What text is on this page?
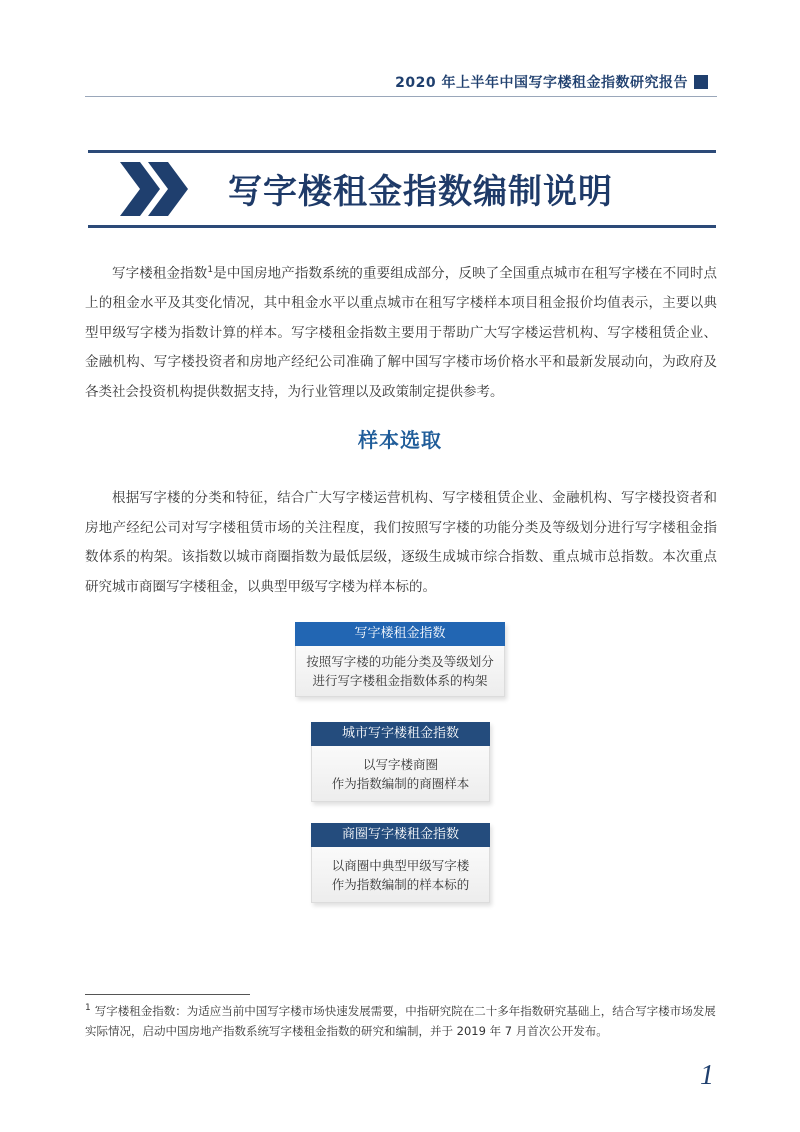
2020 年上半年中国写字楼租金指数研究报告
写字楼租金指数编制说明
写字楼租金指数$^1$是中国房地产指数系统的重要组成部分，反映了全国重点城市在租写字楼在不同时点上的租金水平及其变化情况，其中租金水平以重点城市在租写字楼样本项目租金报价均值表示，主要以典型甲级写字楼为指数计算的样本。写字楼租金指数主要用于帮助广大写字楼运营机构、写字楼租赁企业、金融机构、写字楼投资者和房地产经纪公司准确了解中国写字楼市场价格水平和最新发展动向，为政府及各类社会投资机构提供数据支持，为行业管理以及政策制定提供参考。
样本选取
根据写字楼的分类和特征，结合广大写字楼运营机构、写字楼租赁企业、金融机构、写字楼投资者和房地产经纪公司对写字楼租赁市场的关注程度，我们按照写字楼的功能分类及等级划分进行写字楼租金指数体系的构架。该指数以城市商圈指数为最低层级，逐级生成城市综合指数、重点城市总指数。本次重点研究城市商圈写字楼租金，以典型甲级写字楼为样本标的。
写字楼租金指数
按照写字楼的功能分类及等级划分
进行写字楼租金指数体系的构架
城市写字楼租金指数
以写字楼商圈
作为指数编制的商圈样本
商圈写字楼租金指数
以商圈中典型甲级写字楼
作为指数编制的样本标的
$^1$ 写字楼租金指数：为适应当前中国写字楼市场快速发展需要，中指研究院在二十多年指数研究基础上，结合写字楼市场发展实际情况，启动中国房地产指数系统写字楼租金指数的研究和编制，并于 2019 年 7 月首次公开发布。
1
